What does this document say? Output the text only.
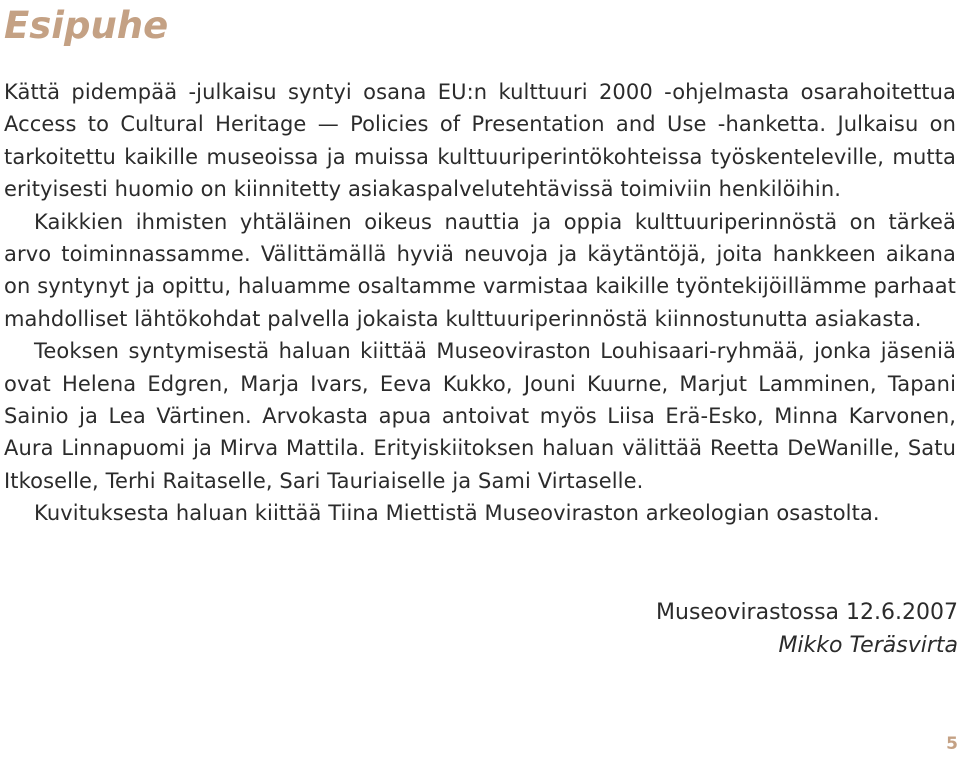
Esipuhe

Kättä pidempää -julkaisu syntyi osana EU:n kulttuuri 2000 -ohjelmasta osarahoitettua Access to Cultural Heritage — Policies of Presentation and Use -hanketta. Julkaisu on tarkoitettu kaikille museoissa ja muissa kulttuuriperintökohteissa työskenteleville, mutta erityisesti huomio on kiinnitetty asiakaspalvelutehtävissä toimiviin henkilöihin.

Kaikkien ihmisten yhtäläinen oikeus nauttia ja oppia kulttuuriperinnöstä on tärkeä arvo toiminnassamme. Välittämällä hyviä neuvoja ja käytäntöjä, joita hankkeen aikana on syntynyt ja opittu, haluamme osaltamme varmistaa kaikille työntekijöillämme parhaat mahdolliset lähtökohdat palvella jokaista kulttuuriperinnöstä kiinnostunutta asiakasta.

Teoksen syntymisestä haluan kiittää Museoviraston Louhisaari-ryhmää, jonka jäseniä ovat Helena Edgren, Marja Ivars, Eeva Kukko, Jouni Kuurne, Marjut Lamminen, Tapani Sainio ja Lea Värtinen. Arvokasta apua antoivat myös Liisa Erä-Esko, Minna Karvonen, Aura Linnapuomi ja Mirva Mattila. Erityiskiitoksen haluan välittää Reetta DeWanille, Satu Itkoselle, Terhi Raitaselle, Sari Tauriaiselle ja Sami Virtaselle.

Kuvituksesta haluan kiittää Tiina Miettistä Museoviraston arkeologian osastolta.

Museovirastossa 12.6.2007
Mikko Teräsvirta
5
